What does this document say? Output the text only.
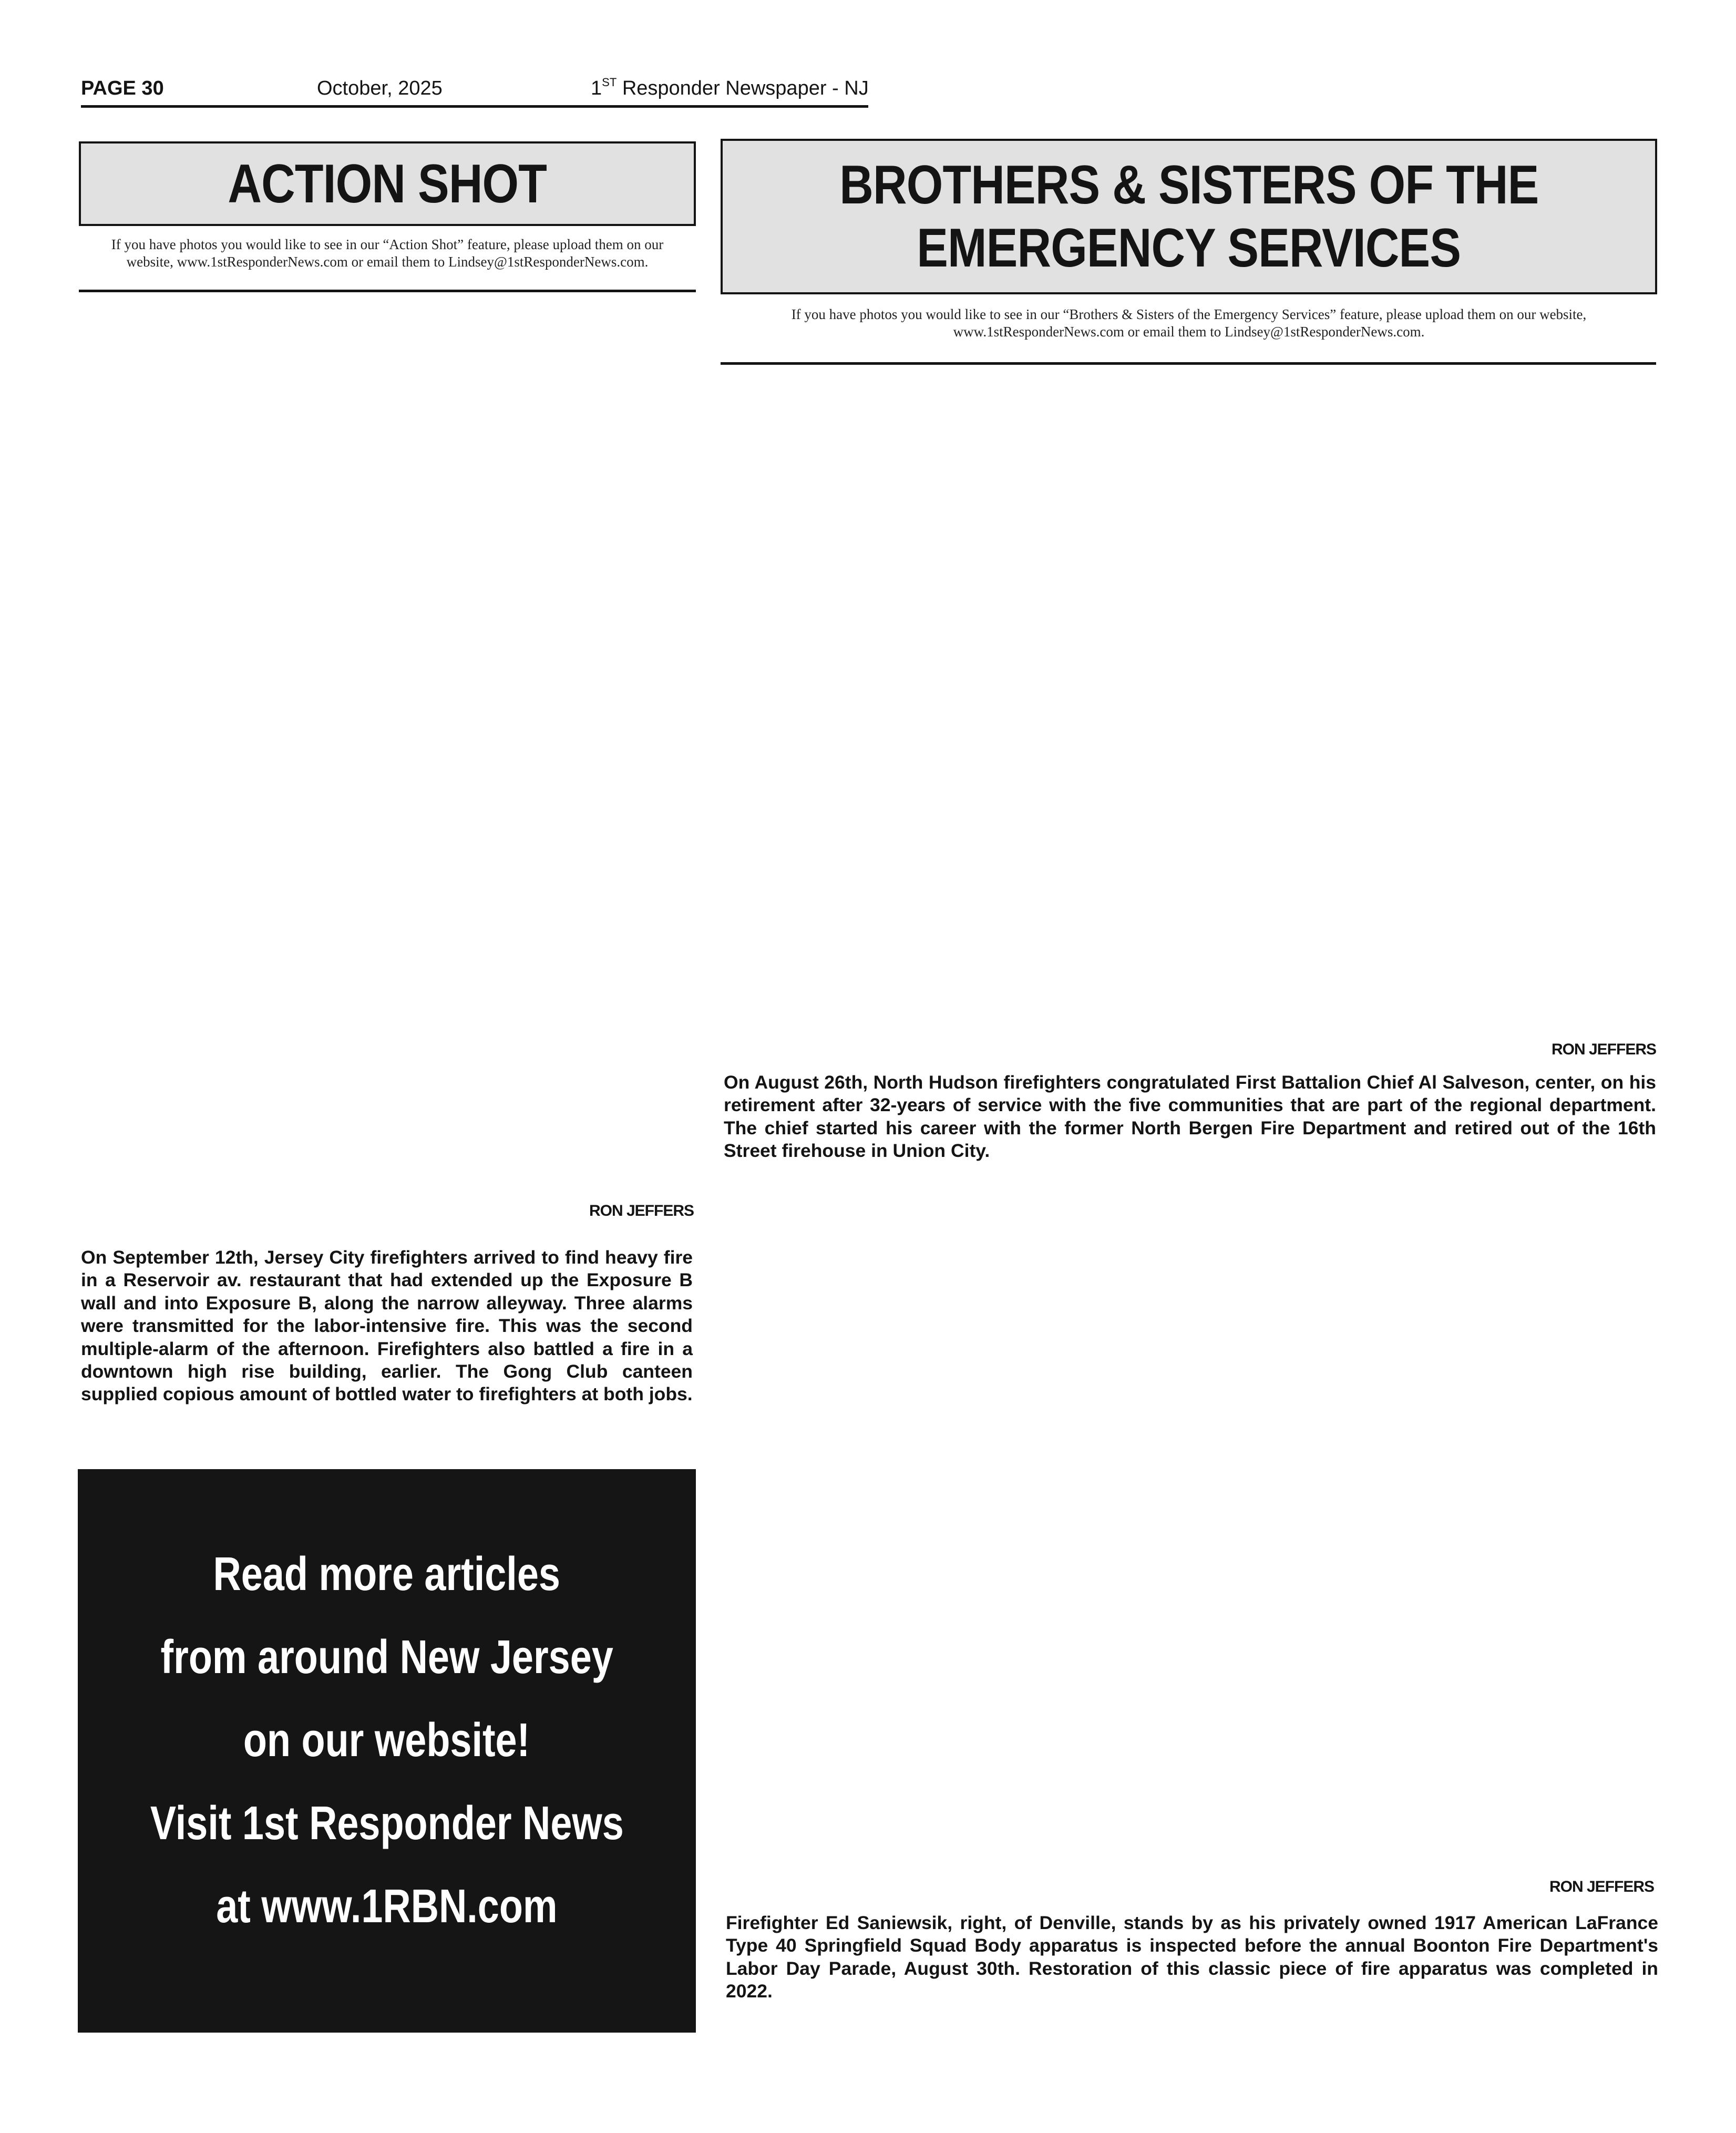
PAGE 30	October, 2025	1ST Responder Newspaper - NJ
ACTION SHOT
If you have photos you would like to see in our “Action Shot” feature, please upload them on our
website, www.1stResponderNews.com or email them to Lindsey@1stResponderNews.com.
RON JEFFERS
On September 12th, Jersey City firefighters arrived to find heavy fire in a Reservoir av. restaurant that had extended up the Exposure B wall and into Exposure B, along the narrow alleyway. Three alarms were transmitted for the labor-intensive fire. This was the second multiple-alarm of the afternoon. Firefighters also battled a fire in a downtown high rise building, earlier. The Gong Club canteen supplied copious amount of bottled water to firefighters at both jobs.
Read more articles
from around New Jersey
on our website!
Visit 1st Responder News
at www.1RBN.com
BROTHERS & SISTERS OF THE
EMERGENCY SERVICES
If you have photos you would like to see in our “Brothers & Sisters of the Emergency Services” feature, please upload them on our website,
www.1stResponderNews.com or email them to Lindsey@1stResponderNews.com.
RON JEFFERS
On August 26th, North Hudson firefighters congratulated First Battalion Chief Al Salveson, center, on his retirement after 32-years of service with the five communities that are part of the regional department. The chief started his career with the former North Bergen Fire Department and retired out of the 16th Street firehouse in Union City.
RON JEFFERS
Firefighter Ed Saniewsik, right, of Denville, stands by as his privately owned 1917 American LaFrance Type 40 Springfield Squad Body apparatus is inspected before the annual Boonton Fire Department's Labor Day Parade, August 30th. Restoration of this classic piece of fire apparatus was completed in 2022.
